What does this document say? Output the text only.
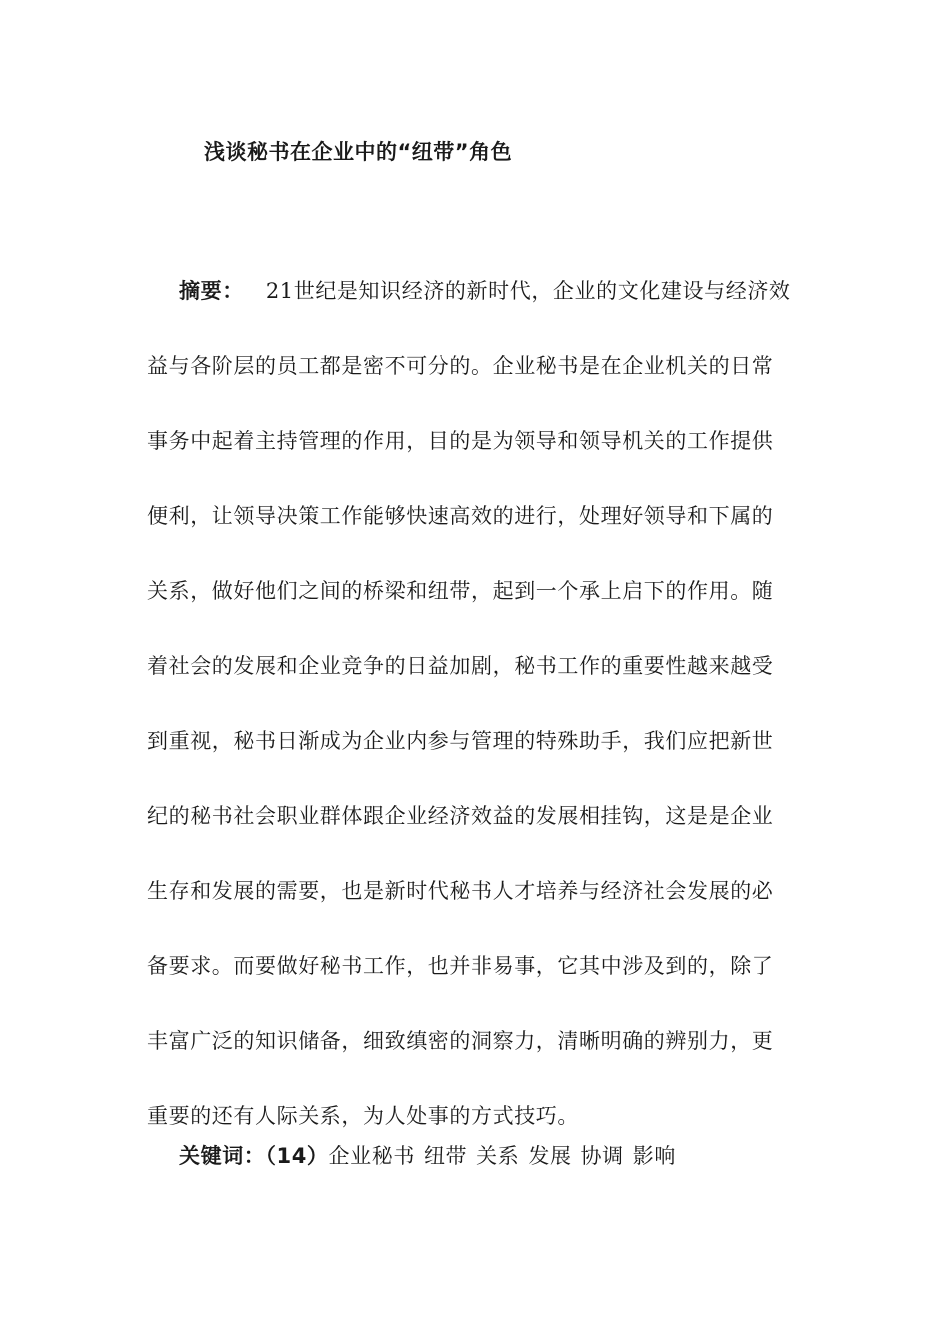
浅谈秘书在企业中的“纽带”角色
摘要： 21世纪是知识经济的新时代，企业的文化建设与经济效
益与各阶层的员工都是密不可分的。企业秘书是在企业机关的日常
事务中起着主持管理的作用，目的是为领导和领导机关的工作提供
便利，让领导决策工作能够快速高效的进行，处理好领导和下属的
关系，做好他们之间的桥梁和纽带，起到一个承上启下的作用。随
着社会的发展和企业竞争的日益加剧，秘书工作的重要性越来越受
到重视，秘书日渐成为企业内参与管理的特殊助手，我们应把新世
纪的秘书社会职业群体跟企业经济效益的发展相挂钩，这是是企业
生存和发展的需要，也是新时代秘书人才培养与经济社会发展的必
备要求。而要做好秘书工作，也并非易事，它其中涉及到的，除了
丰富广泛的知识储备，细致缜密的洞察力，清晰明确的辨别力，更
重要的还有人际关系，为人处事的方式技巧。
关键词：（14）企业秘书 纽带 关系 发展 协调 影响
